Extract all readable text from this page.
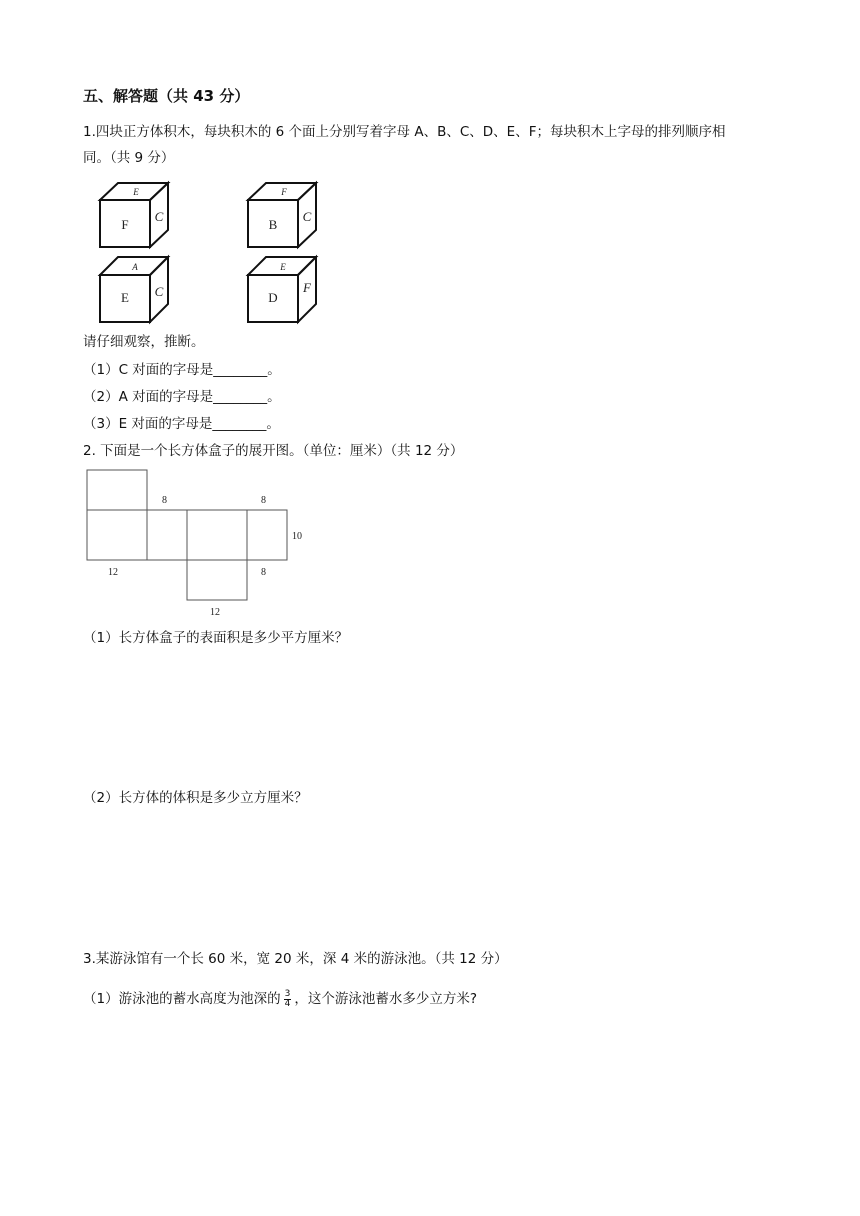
五、解答题（共 43 分）
1.四块正方体积木，每块积木的 6 个面上分别写着字母 A、B、C、D、E、F；每块积木上字母的排列顺序相
同。（共 9 分）
F
E
C
B
F
C
E
A
C	D
E
F
请仔细观察，推断。
（1）C 对面的字母是________。
（2）A 对面的字母是________。
（3）E 对面的字母是________。
2. 下面是一个长方体盒子的展开图。（单位：厘米）（共 12 分）
8	8
10
12	8
12
（1）长方体盒子的表面积是多少平方厘米？
（2）长方体的体积是多少立方厘米？
3.某游泳馆有一个长 60 米，宽 20 米，深 4 米的游泳池。（共 12 分）
（1）游泳池的蓄水高度为池深的 $\frac{3}{4}$ ，这个游泳池蓄水多少立方米?
